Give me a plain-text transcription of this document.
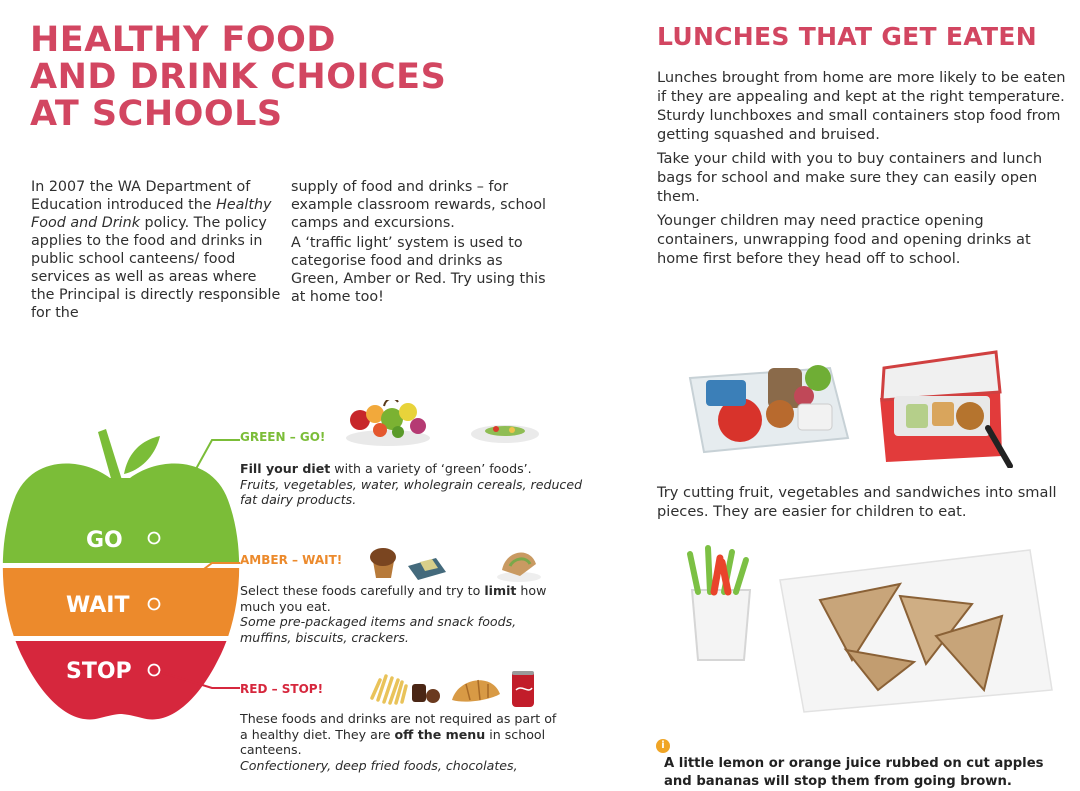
HEALTHY FOOD
AND DRINK CHOICES
AT SCHOOLS

In 2007 the WA Department of Education introduced the Healthy Food and Drink policy. The policy applies to the food and drinks in public school canteens/ food services as well as areas where the Principal is directly responsible for the

supply of food and drinks – for example classroom rewards, school camps and excursions.

A ‘traffic light’ system is used to categorise food and drinks as Green, Amber or Red. Try using this at home too!

GO
WAIT
STOP
GREEN – GO!

Fill your diet with a variety of ‘green’ foods’.

Fruits, vegetables, water, wholegrain cereals, reduced fat dairy products.

AMBER – WAIT!

Select these foods carefully and try to limit how much you eat.

Some pre-packaged items and snack foods, muffins, biscuits, crackers.

RED – STOP!

These foods and drinks are not required as part of a healthy diet. They are off the menu in school canteens.

Confectionery, deep fried foods, chocolates,

LUNCHES THAT GET EATEN

Lunches brought from home are more likely to be eaten if they are appealing and kept at the right temperature. Sturdy lunchboxes and small containers stop food from getting squashed and bruised.

Take your child with you to buy containers and lunch bags for school and make sure they can easily open them.

Younger children may need practice opening containers, unwrapping food and opening drinks at home first before they head off to school.

Try cutting fruit, vegetables and sandwiches into small pieces. They are easier for children to eat.

iA little lemon or orange juice rubbed on cut apples and bananas will stop them from going brown.
